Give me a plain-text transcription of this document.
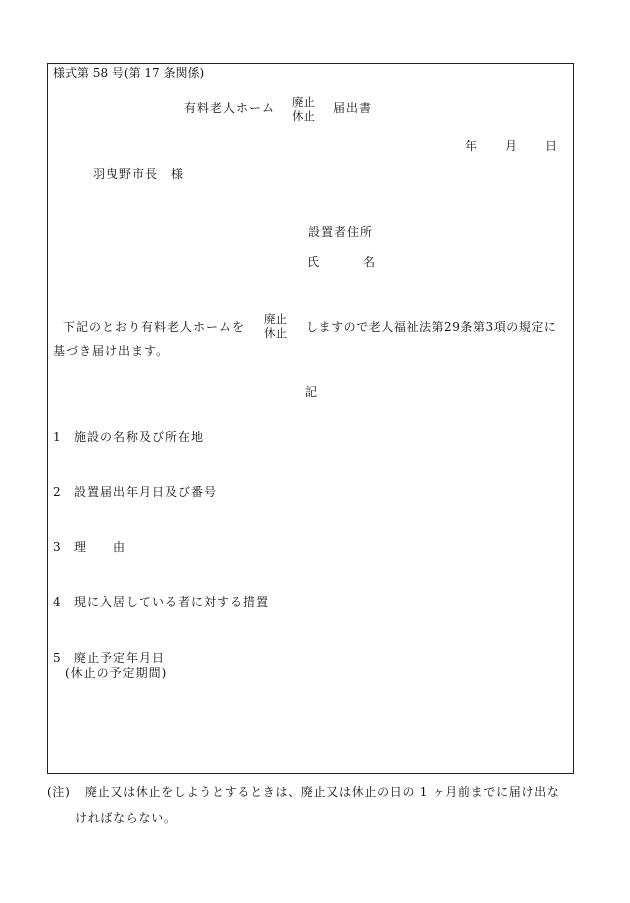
様式第 58 号(第 17 条関係)
有料老人ホーム 廃止
休止
届出書
年 月 日
羽曳野市長　様
設置者住所
氏	名
下記のとおり有料老人ホームを
廃止
休止 しますので老人福祉法第29条第3項の規定に
基づき届け出ます。
記
1 施設の名称及び所在地
2 設置届出年月日及び番号
3 理　　由
4 現に入居している者に対する措置
5 廃止予定年月日
(休止の予定期間)
(注) 廃止又は休止をしようとするときは、廃止又は休止の日の 1 ヶ月前までに届け出な
ければならない。
